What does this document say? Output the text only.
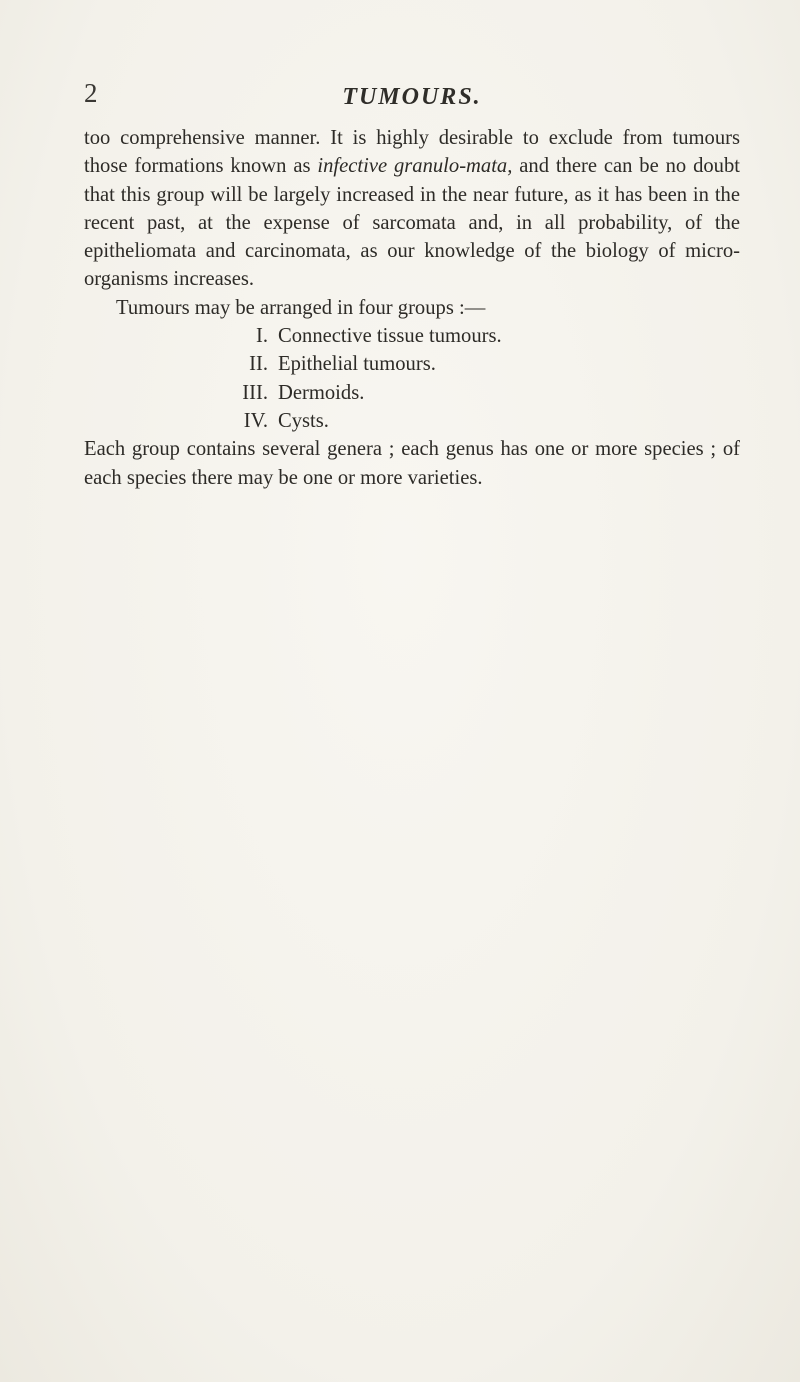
2	TUMOURS.

too comprehensive manner. It is highly desirable to exclude from tumours those formations known as infective granulo-mata, and there can be no doubt that this group will be largely increased in the near future, as it has been in the recent past, at the expense of sarcomata and, in all probability, of the epitheliomata and carcinomata, as our knowledge of the biology of micro-organisms increases.

Tumours may be arranged in four groups :—

I. Connective tissue tumours.
II. Epithelial tumours.
III. Dermoids.
IV. Cysts.

Each group contains several genera ; each genus has one or more species ; of each species there may be one or more varieties.
